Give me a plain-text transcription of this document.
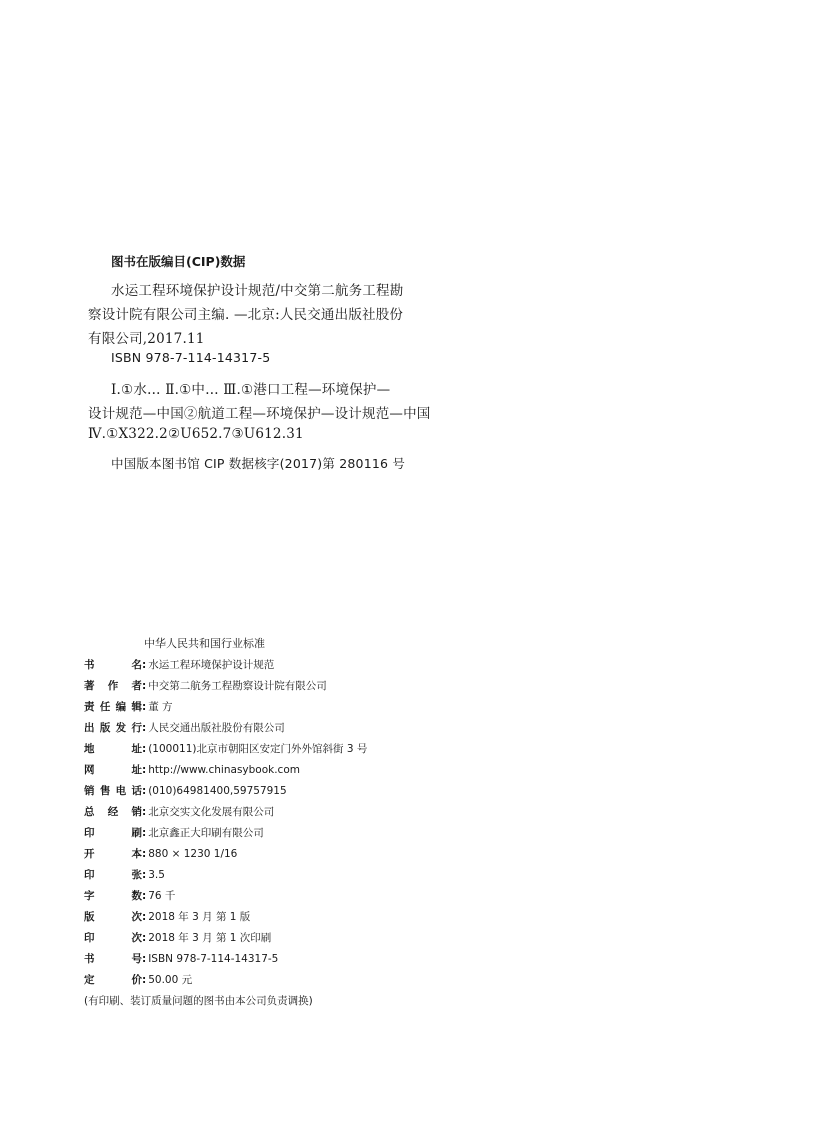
图书在版编目(CIP)数据
水运工程环境保护设计规范/中交第二航务工程勘
察设计院有限公司主编. —北京:人民交通出版社股份
有限公司,2017.11
ISBN 978-7-114-14317-5
Ⅰ.①水… Ⅱ.①中… Ⅲ.①港口工程—环境保护—
设计规范—中国②航道工程—环境保护—设计规范—中国
Ⅳ.①X322.2②U652.7③U612.31
中国版本图书馆 CIP 数据核字(2017)第 280116 号
中华人民共和国行业标准
书名: 水运工程环境保护设计规范
著作者: 中交第二航务工程勘察设计院有限公司
责任编辑: 董 方
出版发行: 人民交通出版社股份有限公司
地址: (100011)北京市朝阳区安定门外外馆斜街 3 号
网址: http://www.chinasybook.com
销售电话: (010)64981400,59757915
总经销: 北京交实文化发展有限公司
印刷: 北京鑫正大印刷有限公司
开本: 880 × 1230 1/16
印张: 3.5
字数: 76 千
版次: 2018 年 3 月 第 1 版
印次: 2018 年 3 月 第 1 次印刷
书号: ISBN 978-7-114-14317-5
定价: 50.00 元
(有印刷、装订质量问题的图书由本公司负责调换)
